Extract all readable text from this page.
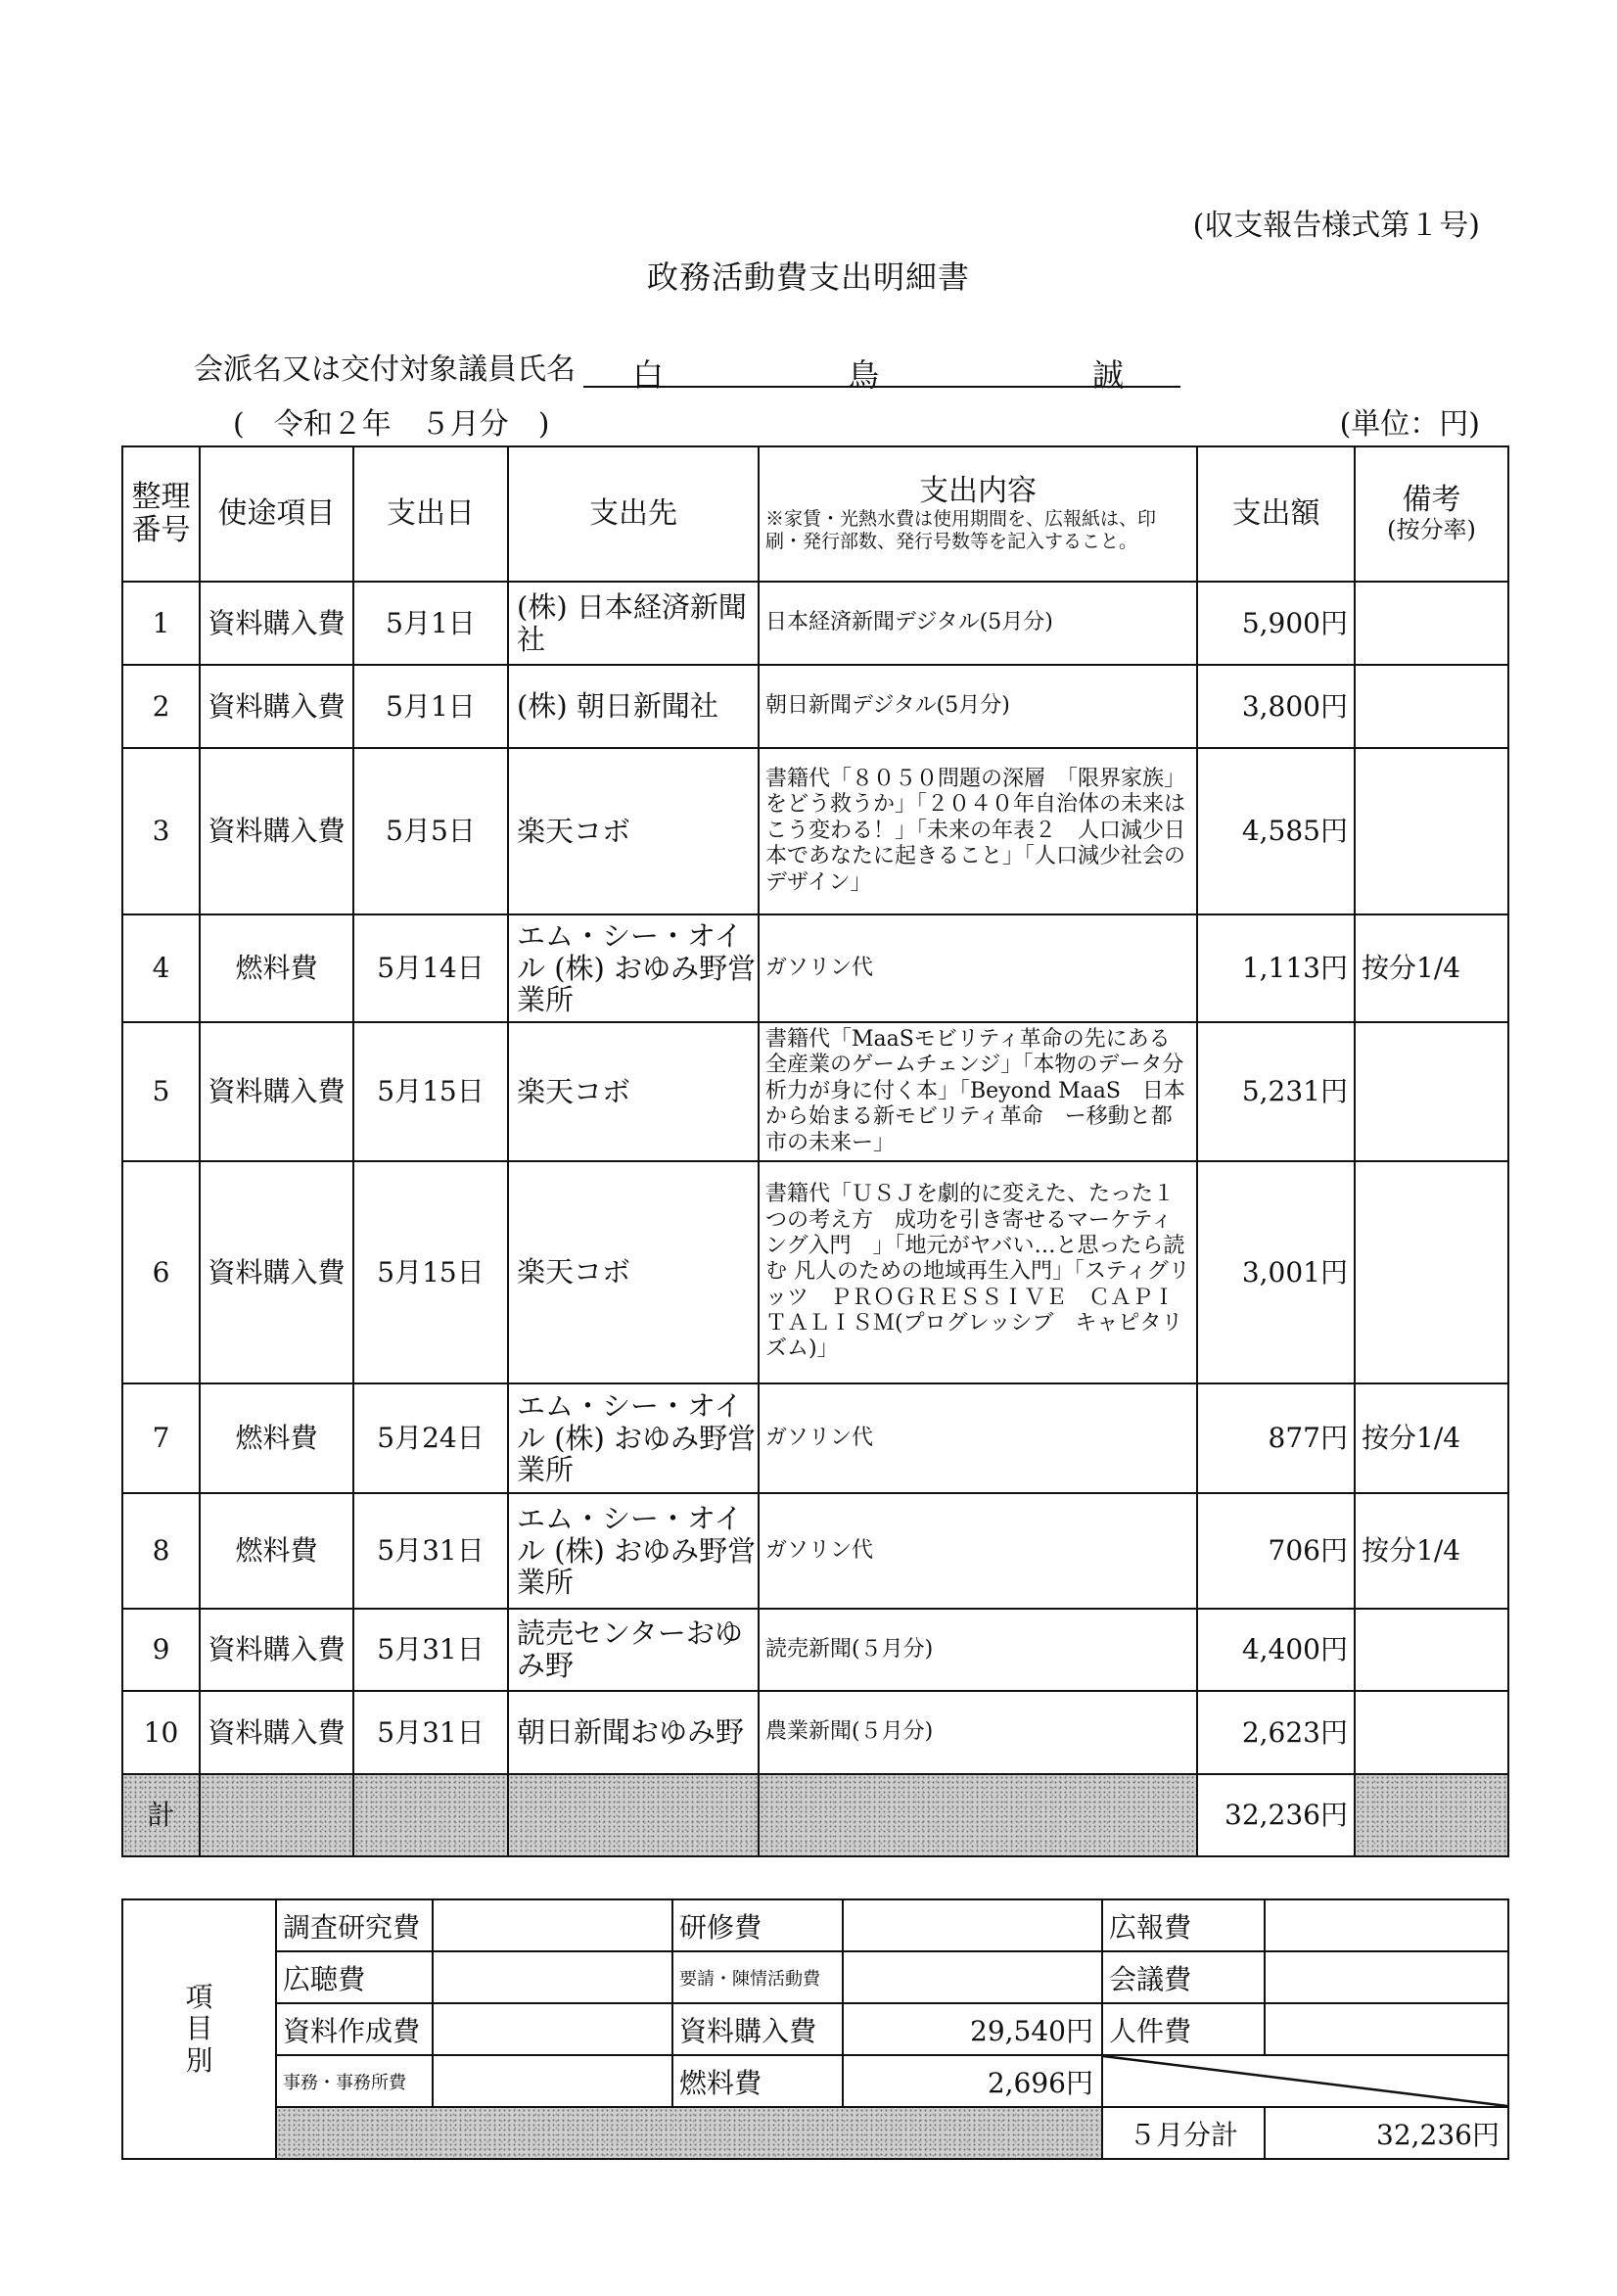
(収支報告様式第１号)
政務活動費支出明細書
会派名又は交付対象議員氏名 白	鳥	誠
(　令和２年　５月分　)	(単位：円)
整理番号	使途項目	支出日	支出先	支出内容
※家賃・光熱水費は使用期間を、広報紙は、印刷・発行部数、発行号数等を記入すること。	支出額	備考
(按分率)

1	資料購入費	5月1日	(株) 日本経済新聞社	日本経済新聞デジタル(5月分)	5,900円	
2	資料購入費	5月1日	(株) 朝日新聞社	朝日新聞デジタル(5月分)	3,800円	
3	資料購入費	5月5日	楽天コボ	書籍代「８０５０問題の深層　「限界家族」をどう救うか」「２０４０年自治体の未来はこう変わる！」「未来の年表２　人口減少日本であなたに起きること」「人口減少社会のデザイン」	4,585円	
4	燃料費	5月14日	エム・シー・オイル (株) おゆみ野営業所	ガソリン代	1,113円	按分1/4
5	資料購入費	5月15日	楽天コボ	書籍代「MaaSモビリティ革命の先にある全産業のゲームチェンジ」「本物のデータ分析力が身に付く本」「Beyond MaaS　日本から始まる新モビリティ革命　ー移動と都市の未来ー」	5,231円	
6	資料購入費	5月15日	楽天コボ	書籍代「ＵＳＪを劇的に変えた、たった１つの考え方　成功を引き寄せるマーケティング入門　」「地元がヤバい…と思ったら読む 凡人のための地域再生入門」「スティグリッツ　ＰＲＯＧＲＥＳＳＩＶＥ　ＣＡＰＩＴＡＬＩＳＭ(プログレッシブ　キャピタリズム)」	3,001円	
7	燃料費	5月24日	エム・シー・オイル (株) おゆみ野営業所	ガソリン代	877円	按分1/4
8	燃料費	5月31日	エム・シー・オイル (株) おゆみ野営業所	ガソリン代	706円	按分1/4
9	資料購入費	5月31日	読売センターおゆみ野	読売新聞(５月分)	4,400円	
10	資料購入費	5月31日	朝日新聞おゆみ野	農業新聞(５月分)	2,623円	
計					32,236円	
項目別	調査研究費		研修費		広報費	
	広聴費		要請・陳情活動費		会議費	
	資料作成費		資料購入費	29,540円	人件費	
	事務・事務所費		燃料費	2,696円		
					５月分計	32,236円
